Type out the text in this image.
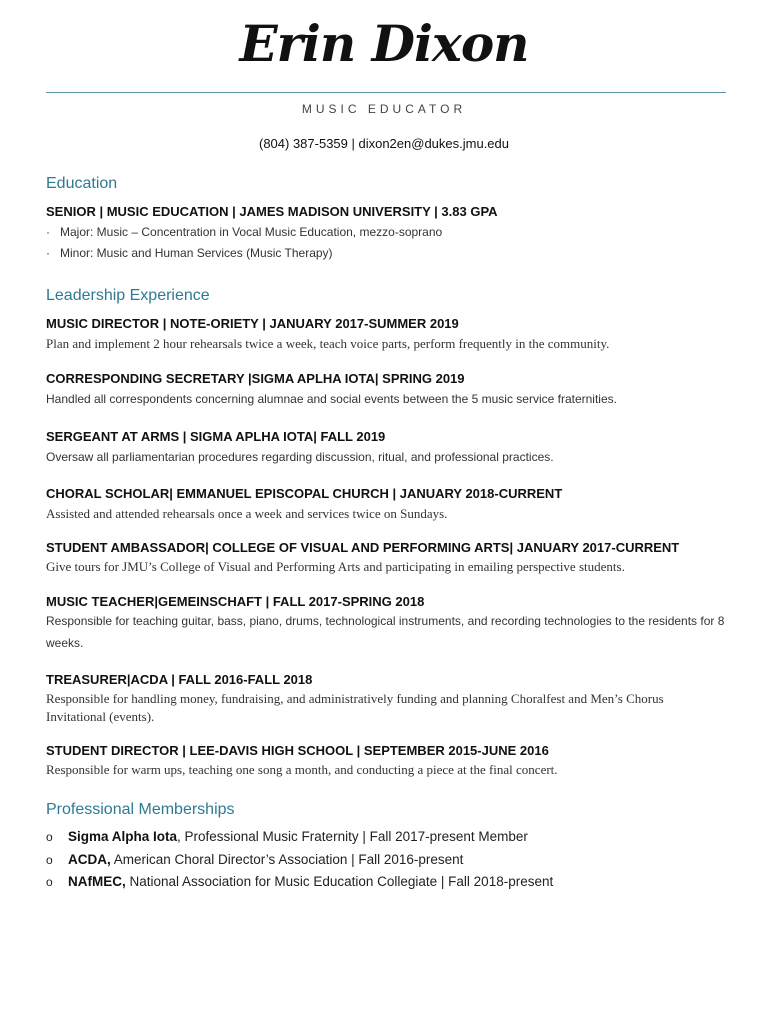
Erin Dixon
MUSIC EDUCATOR
(804) 387-5359 | dixon2en@dukes.jmu.edu
Education
SENIOR | MUSIC EDUCATION | JAMES MADISON UNIVERSITY | 3.83 GPA
· Major: Music – Concentration in Vocal Music Education, mezzo-soprano
· Minor: Music and Human Services (Music Therapy)
Leadership Experience
MUSIC DIRECTOR | NOTE-ORIETY | JANUARY 2017-SUMMER 2019
Plan and implement 2 hour rehearsals twice a week, teach voice parts, perform frequently in the community.
CORRESPONDING SECRETARY |SIGMA APLHA IOTA| SPRING 2019
Handled all correspondents concerning alumnae and social events between the 5 music service fraternities.
SERGEANT AT ARMS | SIGMA APLHA IOTA| FALL 2019
Oversaw all parliamentarian procedures regarding discussion, ritual, and professional practices.
CHORAL SCHOLAR| EMMANUEL EPISCOPAL CHURCH | JANUARY 2018-CURRENT
Assisted and attended rehearsals once a week and services twice on Sundays.
STUDENT AMBASSADOR| COLLEGE OF VISUAL AND PERFORMING ARTS| JANUARY 2017-CURRENT
Give tours for JMU’s College of Visual and Performing Arts and participating in emailing perspective students.
MUSIC TEACHER|GEMEINSCHAFT | FALL 2017-SPRING 2018
Responsible for teaching guitar, bass, piano, drums, technological instruments, and recording technologies to the residents for 8 weeks.
TREASURER|ACDA | FALL 2016-FALL 2018
Responsible for handling money, fundraising, and administratively funding and planning Choralfest and Men’s Chorus Invitational (events).
STUDENT DIRECTOR | LEE-DAVIS HIGH SCHOOL | SEPTEMBER 2015-JUNE 2016
Responsible for warm ups, teaching one song a month, and conducting a piece at the final concert.
Professional Memberships
o Sigma Alpha Iota, Professional Music Fraternity | Fall 2017-present Member
o ACDA, American Choral Director’s Association | Fall 2016-present
o NAfMEC, National Association for Music Education Collegiate | Fall 2018-present
